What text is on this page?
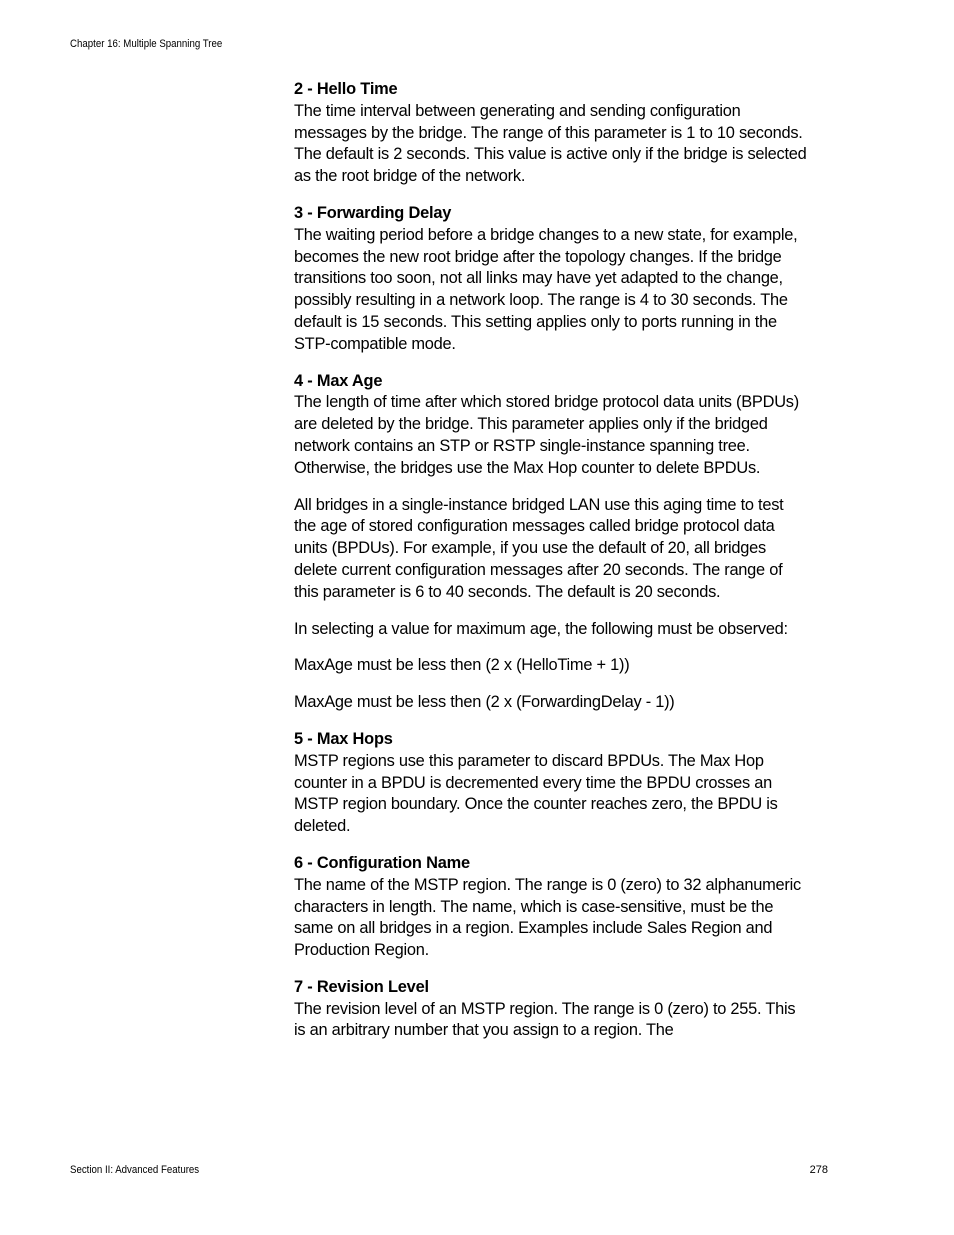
Chapter 16: Multiple Spanning Tree
2 - Hello Time
The time interval between generating and sending configuration messages by the bridge. The range of this parameter is 1 to 10 seconds. The default is 2 seconds. This value is active only if the bridge is selected as the root bridge of the network.
3 - Forwarding Delay
The waiting period before a bridge changes to a new state, for example, becomes the new root bridge after the topology changes. If the bridge transitions too soon, not all links may have yet adapted to the change, possibly resulting in a network loop. The range is 4 to 30 seconds. The default is 15 seconds. This setting applies only to ports running in the STP-compatible mode.
4 - Max Age
The length of time after which stored bridge protocol data units (BPDUs) are deleted by the bridge. This parameter applies only if the bridged network contains an STP or RSTP single-instance spanning tree. Otherwise, the bridges use the Max Hop counter to delete BPDUs.
All bridges in a single-instance bridged LAN use this aging time to test the age of stored configuration messages called bridge protocol data units (BPDUs). For example, if you use the default of 20, all bridges delete current configuration messages after 20 seconds. The range of this parameter is 6 to 40 seconds. The default is 20 seconds.
In selecting a value for maximum age, the following must be observed:
MaxAge must be less then (2 x (HelloTime + 1))
MaxAge must be less then (2 x (ForwardingDelay - 1))
5 - Max Hops
MSTP regions use this parameter to discard BPDUs. The Max Hop counter in a BPDU is decremented every time the BPDU crosses an MSTP region boundary. Once the counter reaches zero, the BPDU is deleted.
6 - Configuration Name
The name of the MSTP region. The range is 0 (zero) to 32 alphanumeric characters in length. The name, which is case-sensitive, must be the same on all bridges in a region. Examples include Sales Region and Production Region.
7 - Revision Level
The revision level of an MSTP region. The range is 0 (zero) to 255. This is an arbitrary number that you assign to a region. The
Section II: Advanced Features	278
